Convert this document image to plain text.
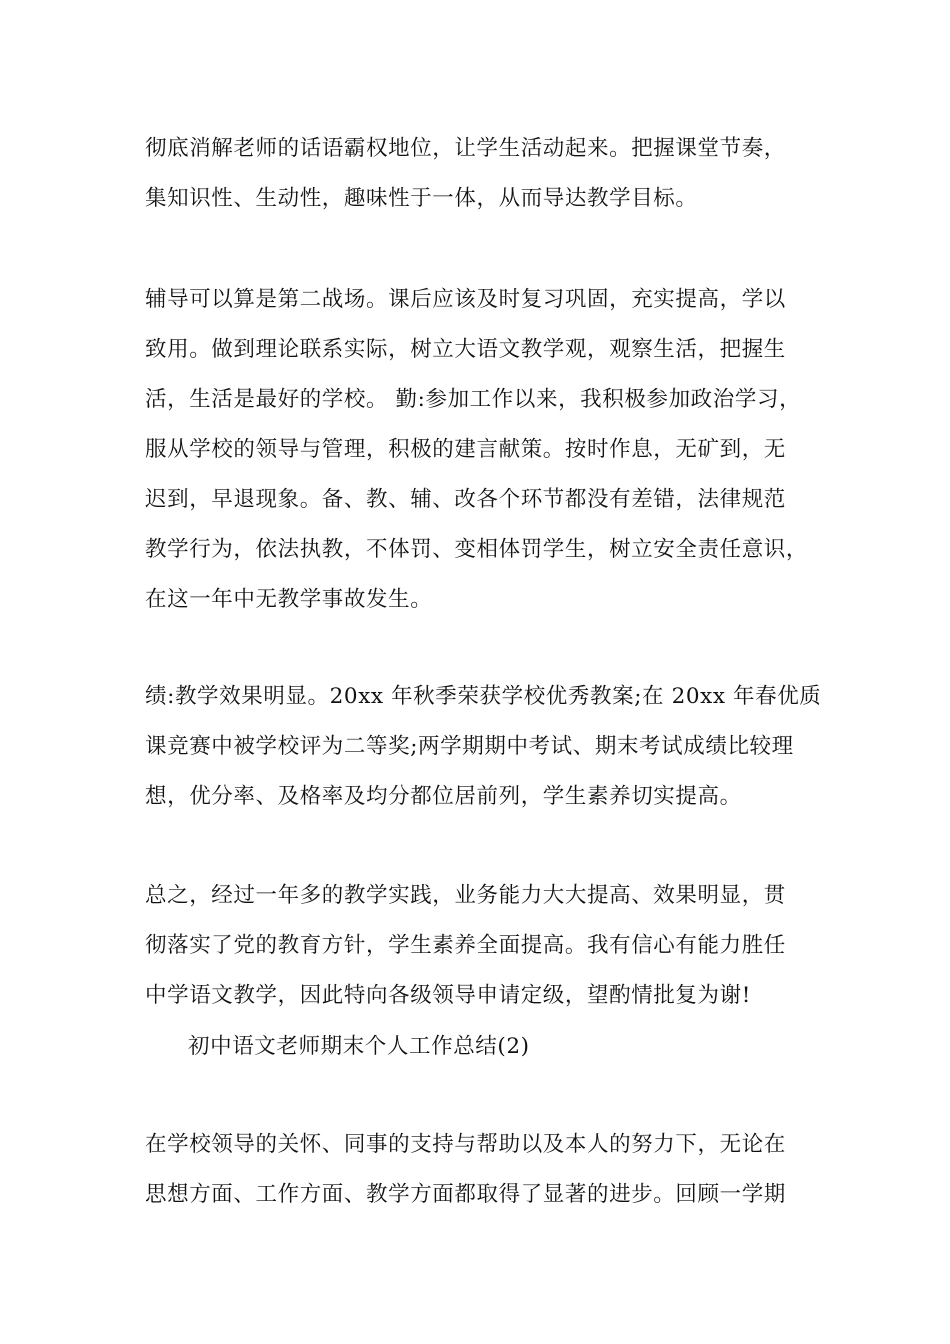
彻底消解老师的话语霸权地位，让学生活动起来。把握课堂节奏，
集知识性、生动性，趣味性于一体，从而导达教学目标。

辅导可以算是第二战场。课后应该及时复习巩固，充实提高，学以
致用。做到理论联系实际，树立大语文教学观，观察生活，把握生
活，生活是最好的学校。 勤:参加工作以来，我积极参加政治学习，
服从学校的领导与管理，积极的建言献策。按时作息，无矿到，无
迟到，早退现象。备、教、辅、改各个环节都没有差错，法律规范
教学行为，依法执教，不体罚、变相体罚学生，树立安全责任意识，
在这一年中无教学事故发生。

绩:教学效果明显。20xx 年秋季荣获学校优秀教案;在 20xx 年春优质
课竞赛中被学校评为二等奖;两学期期中考试、期末考试成绩比较理
想，优分率、及格率及均分都位居前列，学生素养切实提高。

总之，经过一年多的教学实践，业务能力大大提高、效果明显，贯
彻落实了党的教育方针，学生素养全面提高。我有信心有能力胜任
中学语文教学，因此特向各级领导申请定级，望酌情批复为谢!

初中语文老师期末个人工作总结(2)

在学校领导的关怀、同事的支持与帮助以及本人的努力下，无论在
思想方面、工作方面、教学方面都取得了显著的进步。回顾一学期
